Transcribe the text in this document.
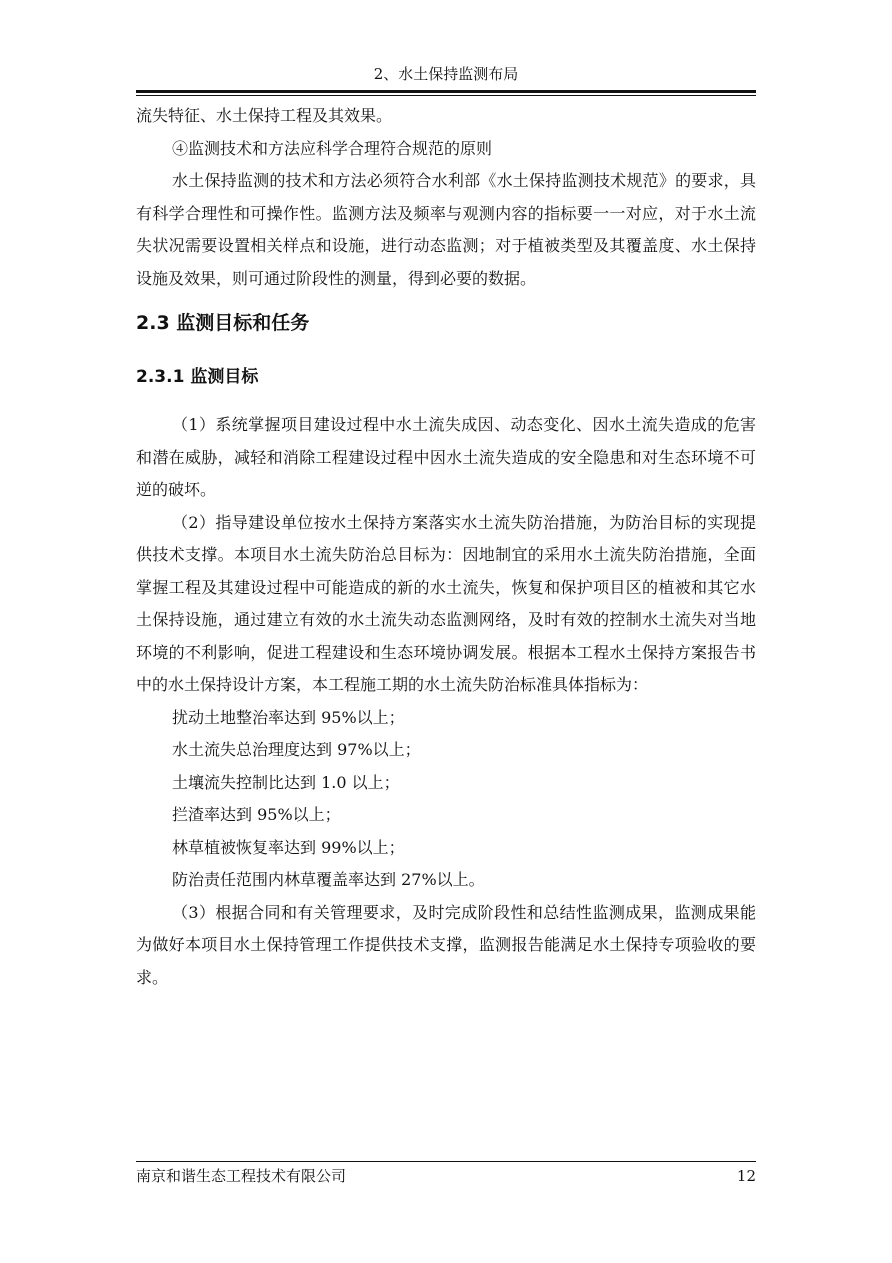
2、水土保持监测布局

流失特征、水土保持工程及其效果。

④监测技术和方法应科学合理符合规范的原则

水土保持监测的技术和方法必须符合水利部《水土保持监测技术规范》的要求，具有科学合理性和可操作性。监测方法及频率与观测内容的指标要一一对应，对于水土流失状况需要设置相关样点和设施，进行动态监测；对于植被类型及其覆盖度、水土保持设施及效果，则可通过阶段性的测量，得到必要的数据。

2.3 监测目标和任务
2.3.1 监测目标

（1）系统掌握项目建设过程中水土流失成因、动态变化、因水土流失造成的危害和潜在威胁，减轻和消除工程建设过程中因水土流失造成的安全隐患和对生态环境不可逆的破坏。

（2）指导建设单位按水土保持方案落实水土流失防治措施，为防治目标的实现提供技术支撑。本项目水土流失防治总目标为：因地制宜的采用水土流失防治措施，全面掌握工程及其建设过程中可能造成的新的水土流失，恢复和保护项目区的植被和其它水土保持设施，通过建立有效的水土流失动态监测网络，及时有效的控制水土流失对当地环境的不利影响，促进工程建设和生态环境协调发展。根据本工程水土保持方案报告书中的水土保持设计方案，本工程施工期的水土流失防治标准具体指标为：

扰动土地整治率达到 95%以上；

水土流失总治理度达到 97%以上；

土壤流失控制比达到 1.0 以上；

拦渣率达到 95%以上；

林草植被恢复率达到 99%以上；

防治责任范围内林草覆盖率达到 27%以上。

（3）根据合同和有关管理要求，及时完成阶段性和总结性监测成果，监测成果能为做好本项目水土保持管理工作提供技术支撑，监测报告能满足水土保持专项验收的要求。

南京和谐生态工程技术有限公司	12
